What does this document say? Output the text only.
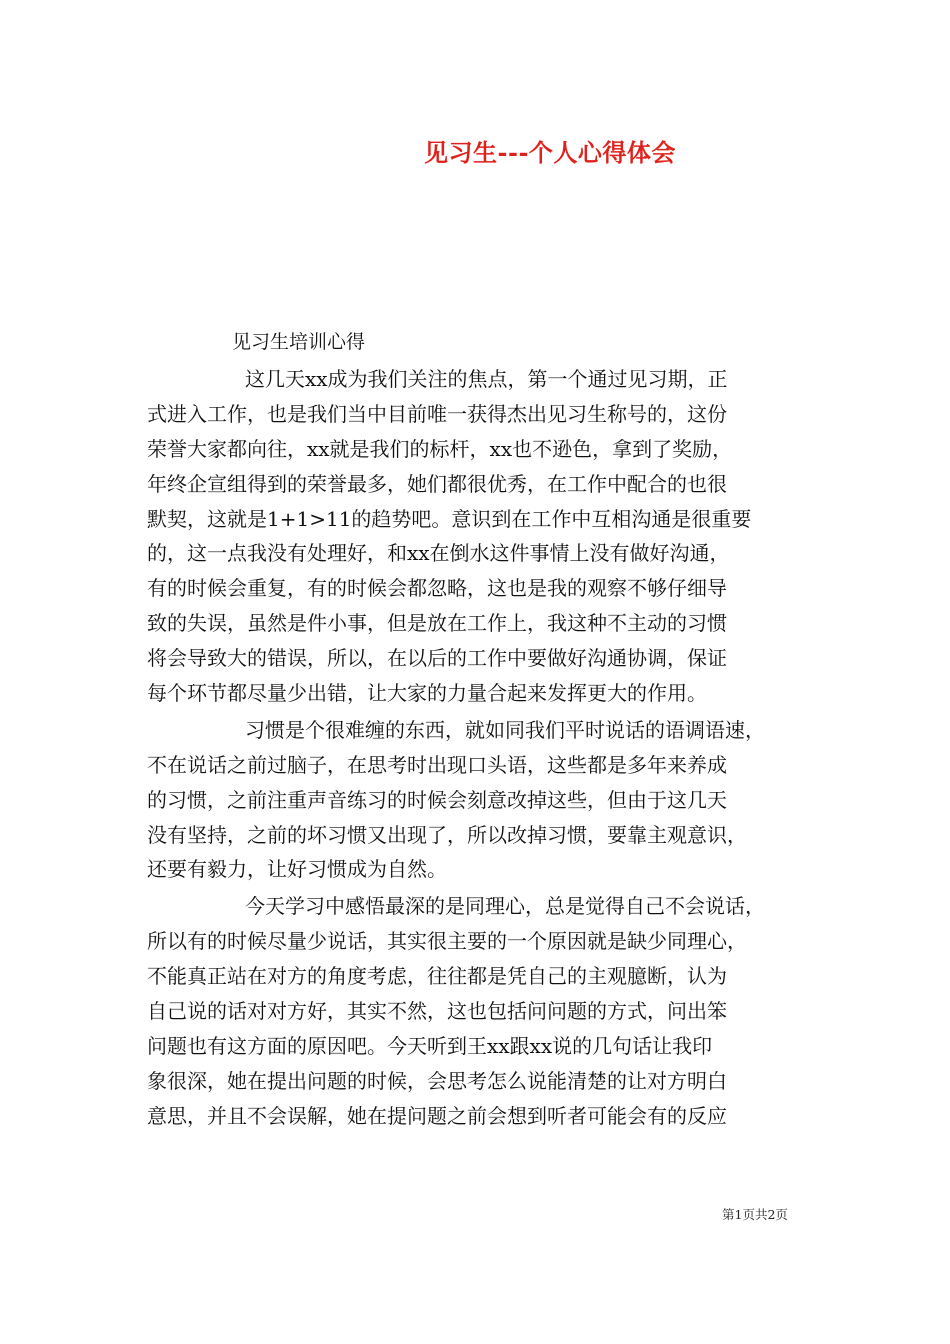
见习生---个人心得体会
见习生培训心得
这几天xx成为我们关注的焦点，第一个通过见习期，正
式进入工作，也是我们当中目前唯一获得杰出见习生称号的，这份
荣誉大家都向往，xx就是我们的标杆，xx也不逊色，拿到了奖励，
年终企宣组得到的荣誉最多，她们都很优秀，在工作中配合的也很
默契，这就是1+1>11的趋势吧。意识到在工作中互相沟通是很重要
的，这一点我没有处理好，和xx在倒水这件事情上没有做好沟通，
有的时候会重复，有的时候会都忽略，这也是我的观察不够仔细导
致的失误，虽然是件小事，但是放在工作上，我这种不主动的习惯
将会导致大的错误，所以，在以后的工作中要做好沟通协调，保证
每个环节都尽量少出错，让大家的力量合起来发挥更大的作用。
习惯是个很难缠的东西，就如同我们平时说话的语调语速，
不在说话之前过脑子，在思考时出现口头语，这些都是多年来养成
的习惯，之前注重声音练习的时候会刻意改掉这些，但由于这几天
没有坚持，之前的坏习惯又出现了，所以改掉习惯，要靠主观意识，
还要有毅力，让好习惯成为自然。
今天学习中感悟最深的是同理心，总是觉得自己不会说话，
所以有的时候尽量少说话，其实很主要的一个原因就是缺少同理心，
不能真正站在对方的角度考虑，往往都是凭自己的主观臆断，认为
自己说的话对对方好，其实不然，这也包括问问题的方式，问出笨
问题也有这方面的原因吧。今天听到王xx跟xx说的几句话让我印
象很深，她在提出问题的时候，会思考怎么说能清楚的让对方明白
意思，并且不会误解，她在提问题之前会想到听者可能会有的反应
第1页共2页
